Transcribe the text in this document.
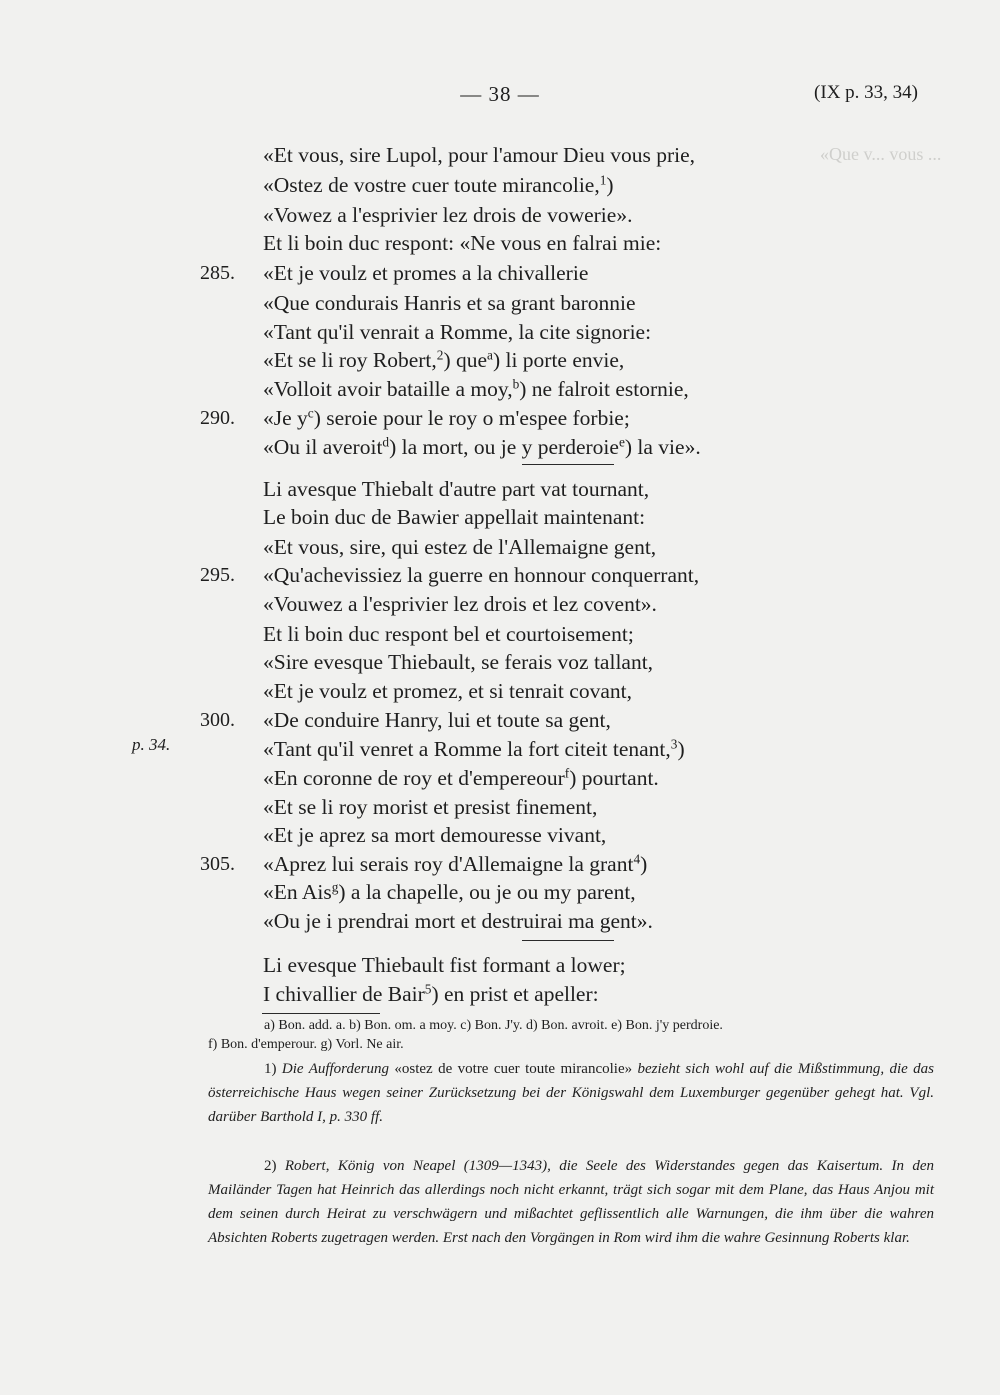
«Que v... vous ...
— 38 —	(IX p. 33, 34)
«Et vous, sire Lupol, pour l'amour Dieu vous prie,
«Ostez de vostre cuer toute mirancolie,$^1$)
«Vowez a l'esprivier lez drois de vowerie».
Et li boin duc respont: «Ne vous en falrai mie:
285.	«Et je voulz et promes a la chivallerie
«Que condurais Hanris et sa grant baronnie
«Tant qu'il venrait a Romme, la cite signorie:
«Et se li roy Robert,$^2$) que$^a$) li porte envie,
«Volloit avoir bataille a moy,$^b$) ne falroit estornie,
290.	«Je $y^c$) seroie pour le roy o m'espee forbie;
«Ou il averoit$^d$) la mort, ou je y perderoie$^e$) la vie».
Li avesque Thiebalt d'autre part vat tournant,
Le boin duc de Bawier appellait maintenant:
«Et vous, sire, qui estez de l'Allemaigne gent,
295.	«Qu'achevissiez la guerre en honnour conquerrant,
«Vouwez a l'esprivier lez drois et lez covent».
Et li boin duc respont bel et courtoisement;
«Sire evesque Thiebault, se ferais voz tallant,
«Et je voulz et promez, et si tenrait covant,
300.	«De conduire Hanry, lui et toute sa gent,
«Tant qu'il venret a Romme la fort citeit tenant,$^3$)
«En coronne de roy et d'empereour$^f$) pourtant.
«Et se li roy morist et presist finement,
«Et je aprez sa mort demouresse vivant,
305.	«Aprez lui serais roy d'Allemaigne la grant$^4$)
«En Ais$^g$) a la chapelle, ou je ou my parent,
«Ou je i prendrai mort et destruirai ma gent».
Li evesque Thiebault fist formant a lower;
I chivallier de Bair$^5$) en prist et apeller:
p. 34.
a) Bon. add. a. b) Bon. om. a moy. c) Bon. J'y. d) Bon. avroit. e) Bon. j'y perdroie.
f) Bon. d'emperour. g) Vorl. Ne air.
1) Die Aufforderung «ostez de votre cuer toute mirancolie» bezieht sich wohl auf die Mißstimmung, die das österreichische Haus wegen seiner Zurücksetzung bei der Königswahl dem Luxemburger gegenüber gehegt hat. Vgl. darüber Barthold I, p. 330 ff.
2) Robert, König von Neapel (1309—1343), die Seele des Widerstandes gegen das Kaisertum. In den Mailänder Tagen hat Heinrich das allerdings noch nicht erkannt, trägt sich sogar mit dem Plane, das Haus Anjou mit dem seinen durch Heirat zu verschwägern und mißachtet geflissentlich alle Warnungen, die ihm über die wahren Absichten Roberts zugetragen werden. Erst nach den Vorgängen in Rom wird ihm die wahre Gesinnung Roberts klar.
